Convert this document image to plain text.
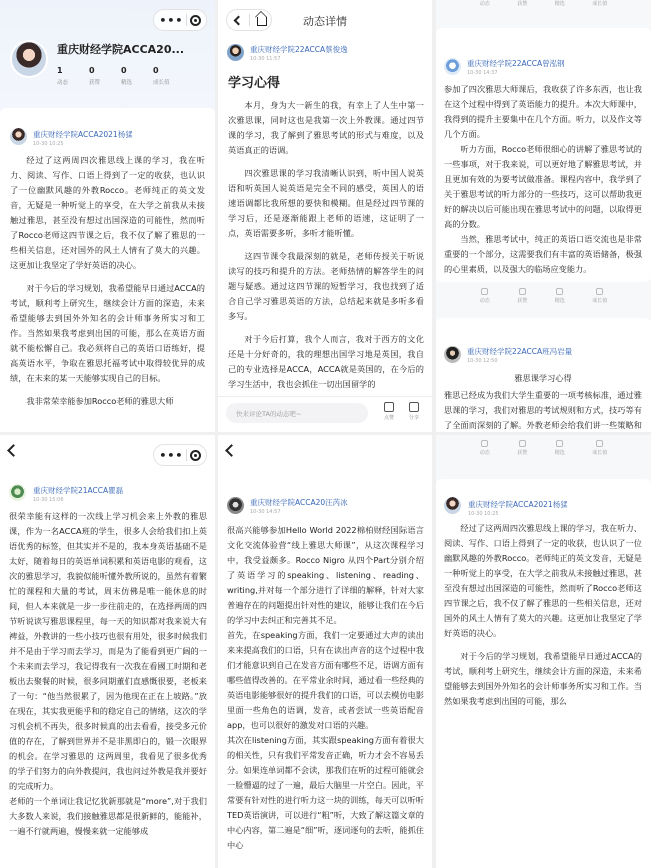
•••
重庆财经学院ACCA20...
1
动态
0
获赞
0
精选
0
成长值
重庆财经学院ACCA2021杨猱
10-30 10:25

经过了这两周四次雅思线上课的学习，我在听力、阅读、写作、口语上得到了一定的收获，也认识了一位幽默风趣的外教Rocco。老师纯正的英文发音，无疑是一种听觉上的享受，在大学之前我从未接触过雅思，甚至没有想过出国深造的可能性，然而听了Rocco老师这四节课之后，我不仅了解了雅思的一些相关信息，还对国外的风土人情有了莫大的兴趣。这更加让我坚定了学好英语的决心。

对于今后的学习规划，我希望能早日通过ACCA的考试，顺利考上研究生，继续会计方面的深造，未来希望能够去到国外外知名的会计师事务所实习和工作。当然如果我考虑到出国的可能，那么在英语方面就不能松懈自己。我必须将自己的英语口语练好，提高英语水平，争取在雅思托福考试中取得较优异的成绩，在未来的某一天能够实现自己的目标。

我非常荣幸能参加Rocco老师的雅思大师

动态详情
重庆财经学院22ACCA蔡俊逸
10-30 11:57
学习心得

本月，身为大一新生的我，有幸上了人生中第一次雅思课，同时这也是我第一次上外教课。通过四节课的学习，我了解到了雅思考试的形式与难度，以及英语真正的语调。

四次雅思课的学习我清晰认识到，听中国人说英语和听英国人说英语是完全不同的感受，英国人的语速语调都比我所想的要快和模糊。但是经过四节课的学习后，还是逐渐能跟上老师的语速，这证明了一点，英语需要多听，多听才能听懂。

这四节课令我最深刻的就是，老师传授关于听说读写的技巧和提升的方法。老师热情的解答学生的问题与疑惑。通过这四节课的短暂学习，我也找到了适合自己学习雅思英语的方法，总结起来就是多听多看多写。

对于今后打算，我个人而言，我对于西方的文化还是十分好奇的，我的理想出国学习地是英国，我自己的专业选择是ACCA，ACCA就是英国的，在今后的学习生活中，我也会抓住一切出国留学的

快来评论TA的动态吧~	点赞	分享
动态	获赞	精选	成长值
重庆财经学院22ACCA曾泓钢
10-30 14:37

参加了四次雅思大师课后，我收获了许多东西，也让我在这个过程中得到了英语能力的提升。本次大师课中，我得到的提升主要集中在几个方面。听力，以及作文等几个方面。

听力方面，Rocco老师很细心的讲解了雅思考试的一些事项，对于我来说，可以更好地了解雅思考试，并且更加有效的为要考试做准备。课程内容中，我学到了关于雅思考试的听力部分的一些技巧，这可以帮助我更好的解决以后可能出现在雅思考试中的问题，以取得更高的分数。

当然，雅思考试中，纯正的英语口语交流也是非常重要的一个部分，这需要我们有丰富的英语储备，极强的心里素质，以及强大的临场应变能力。

动态	获赞	精选	成长值
重庆财经学院22ACCA班冯岩量
10-30 12:50

雅思课学习心得

雅思已经成为我们大学生重要的一项考核标准，通过雅思课的学习，我们对雅思的考试规则和方式，技巧等有了全面而深刻的了解。外教老师会给我们讲一些策略和

•••
重庆财经学院21ACCA瞿磊
10-30 15:06

很荣幸能有这样的一次线上学习机会来上外教的雅思课，作为一名ACCA班的学生，很多人会给我们扣上英语优秀的标签，但其实并不是的，我本身英语基础不是太好，随着每日的英语单词积累和英语电影的观看，这次的雅思学习，我貌似能听懂外教所说的，虽然有着繁忙的课程和大量的考试，周末仿佛是唯一能休息的时间，但人本来就是一步一步往前走的，在选择两周的四节听说读写雅思课程里，每一天的知识都对我来说大有裨益，外教讲的一些小技巧也很有用处，很多时候我们并不是由于学习而去学习，而是为了能看到更广阔的一个未来而去学习，我记得我有一次我在看國工时期和老板出去聚餐的时候，很多同期董们直感慨很要，老板来了一句：“他当然很累了，因为他现在正在上坡路。”放在现在，其实我更能乎和的稳定自己的情绪，这次的学习机会机不再失，很多时候真的出去看看，接受多元价值的存在，了解到世界并不是非黑即白的，锻一次眼界的机会。在学习雅思的 这两周里，我看见了很多优秀的学子们努力的向外教提问，我也问过外教是我并要好的完成听力。

老师的一个单词让我记忆犹新那就是“more”,对于我们大多数人来说，我们接触雅思都是很新鲜的，能能补，一遍不行就两遍，慢慢来就一定能够成

重庆财经学院ACCA20汪芮冰
10-30 14:57

很高兴能够参加Hello World 2022棉柏财经国际语言文化交流体验营“线上雅思大师课”，从这次课程学习中，我受益颇多。Rocco Nigro 从四个Part分别介绍了英语学习的speaking、listening、reading、writing,并对每一个部分进行了详细的解释，针对大家普遍存在的问题提出针对性的建议，能够让我们在今后的学习中去纠正和完善其不足。

首先，在speaking方面，我们一定要通过大声的读出来来提高我们的口语，只有在读出声音的这个过程中我们才能意识到自己在发音方面有哪些不足，语调方面有哪些值得改善的。在平常业余时间，通过看一些经典的英语电影能够很好的提升我们的口语，可以去模仿电影里面一些角色的语调，发音，或者尝试一些英语配音app，也可以很好的激发对口语的兴趣。

其次在listening方面，其实跟speaking方面有着很大的相关性，只有我们平常发音正确，听力才会不容易丢分。如果连单词都不会读，那我们在听的过程可能就会一脸懵逼的过了一遍，最后大脑里一片空白。因此，平常要有针对性的进行听力这一块的训练，每天可以听听TED英语演讲，可以进行“粗”听，大致了解这篇文章的中心内容，第二遍是“细”听，逐词逐句的去听，能抓住中心

动态	获赞	精选	成长值
重庆财经学院ACCA2021杨猱
10-30 10:25

经过了这两周四次雅思线上课的学习，我在听力、阅读、写作、口语上得到了一定的收获，也认识了一位幽默风趣的外教Rocco。老师纯正的英文发音，无疑是一种听觉上的享受，在大学之前我从未接触过雅思，甚至没有想过出国深造的可能性，然而听了Rocco老师这四节课之后，我不仅了解了雅思的一些相关信息，还对国外的风土人情有了莫大的兴趣。这更加让我坚定了学好英语的决心。

对于今后的学习规划，我希望能早日通过ACCA的考试，顺利考上研究生，继续会计方面的深造，未来希望能够去到国外外知名的会计师事务所实习和工作。当然如果我考虑到出国的可能，那么
